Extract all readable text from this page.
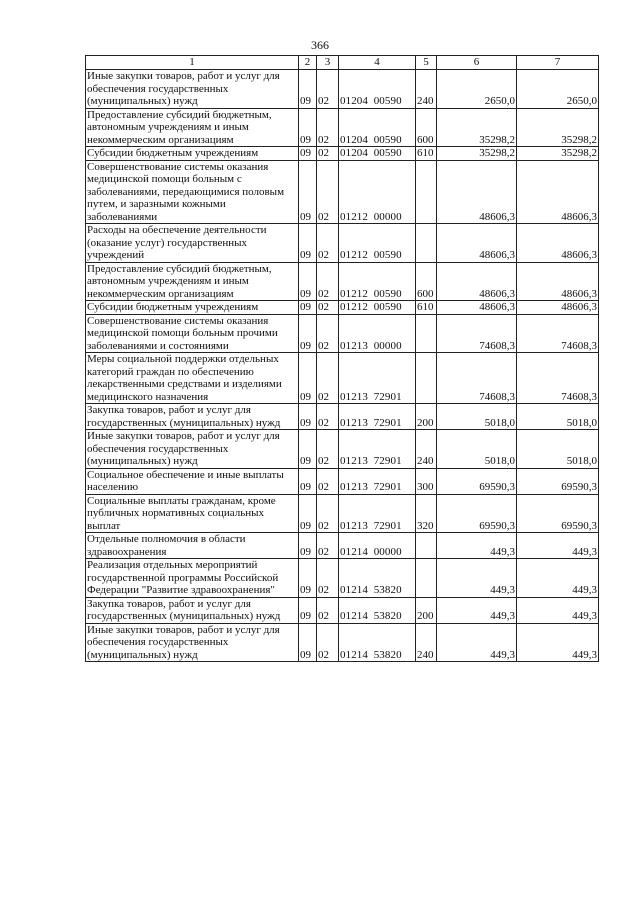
366
1	2	3	4	5	6	7
Иные закупки товаров, работ и услуг для обеспечения государственных (муниципальных) нужд	09	02	01204  00590	240	2650,0	2650,0
Предоставление субсидий бюджетным, автономным учреждениям и иным некоммерческим организациям	09	02	01204  00590	600	35298,2	35298,2
Субсидии бюджетным учреждениям	09	02	01204  00590	610	35298,2	35298,2
Совершенствование системы оказания медицинской помощи больным с заболеваниями, передающимися половым путем, и заразными кожными заболеваниями	09	02	01212  00000		48606,3	48606,3
Расходы на обеспечение деятельности (оказание услуг) государственных учреждений	09	02	01212  00590		48606,3	48606,3
Предоставление субсидий бюджетным, автономным учреждениям и иным некоммерческим организациям	09	02	01212  00590	600	48606,3	48606,3
Субсидии бюджетным учреждениям	09	02	01212  00590	610	48606,3	48606,3
Совершенствование системы оказания медицинской помощи больным прочими заболеваниями и состояниями	09	02	01213  00000		74608,3	74608,3
Меры социальной поддержки отдельных категорий граждан по обеспечению лекарственными средствами и изделиями медицинского назначения	09	02	01213  72901		74608,3	74608,3
Закупка товаров, работ и услуг для государственных (муниципальных) нужд	09	02	01213  72901	200	5018,0	5018,0
Иные закупки товаров, работ и услуг для обеспечения государственных (муниципальных) нужд	09	02	01213  72901	240	5018,0	5018,0
Социальное обеспечение и иные выплаты населению	09	02	01213  72901	300	69590,3	69590,3
Социальные выплаты гражданам, кроме публичных нормативных социальных выплат	09	02	01213  72901	320	69590,3	69590,3
Отдельные полномочия в области здравоохранения	09	02	01214  00000		449,3	449,3
Реализация отдельных мероприятий государственной программы Российской Федерации "Развитие здравоохранения"	09	02	01214  53820		449,3	449,3
Закупка товаров, работ и услуг для государственных (муниципальных) нужд	09	02	01214  53820	200	449,3	449,3
Иные закупки товаров, работ и услуг для обеспечения государственных (муниципальных) нужд	09	02	01214  53820	240	449,3	449,3
